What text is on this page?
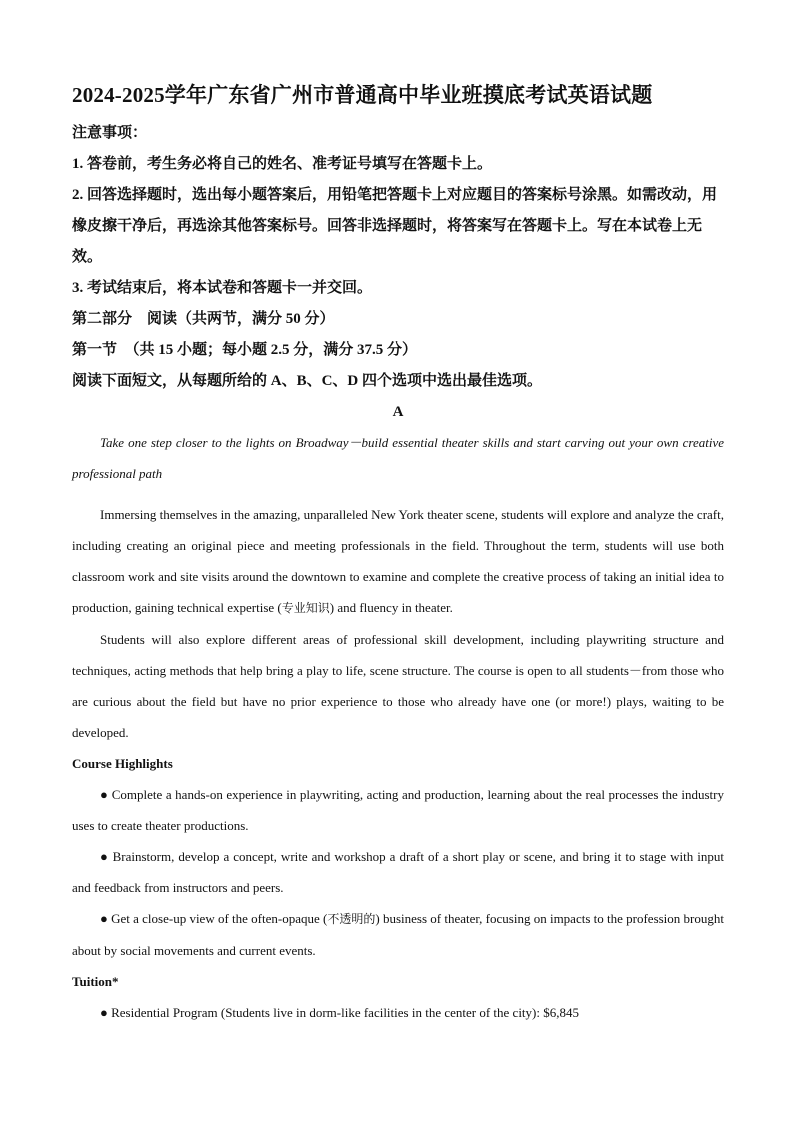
2024-2025学年广东省广州市普通高中毕业班摸底考试英语试题

注意事项：

1. 答卷前，考生务必将自己的姓名、准考证号填写在答题卡上。

2. 回答选择题时，选出每小题答案后，用铅笔把答题卡上对应题目的答案标号涂黑。如需改动，用橡皮擦干净后，再选涂其他答案标号。回答非选择题时，将答案写在答题卡上。写在本试卷上无效。

3. 考试结束后，将本试卷和答题卡一并交回。

第二部分　阅读（共两节，满分 50 分）

第一节　（共 15 小题；每小题 2.5 分，满分 37.5 分）

阅读下面短文，从每题所给的 A、B、C、D 四个选项中选出最佳选项。

A

Take one step closer to the lights on Broadway－build essential theater skills and start carving out your own creative professional path

Immersing themselves in the amazing, unparalleled New York theater scene, students will explore and analyze the craft, including creating an original piece and meeting professionals in the field. Throughout the term, students will use both classroom work and site visits around the downtown to examine and complete the creative process of taking an initial idea to production, gaining technical expertise (专业知识) and fluency in theater.

Students will also explore different areas of professional skill development, including playwriting structure and techniques, acting methods that help bring a play to life, scene structure. The course is open to all students－from those who are curious about the field but have no prior experience to those who already have one (or more!) plays, waiting to be developed.

Course Highlights

● Complete a hands-on experience in playwriting, acting and production, learning about the real processes the industry uses to create theater productions.

● Brainstorm, develop a concept, write and workshop a draft of a short play or scene, and bring it to stage with input and feedback from instructors and peers.

● Get a close-up view of the often-opaque (不透明的) business of theater, focusing on impacts to the profession brought about by social movements and current events.

Tuition*

● Residential Program (Students live in dorm-like facilities in the center of the city): $6,845
